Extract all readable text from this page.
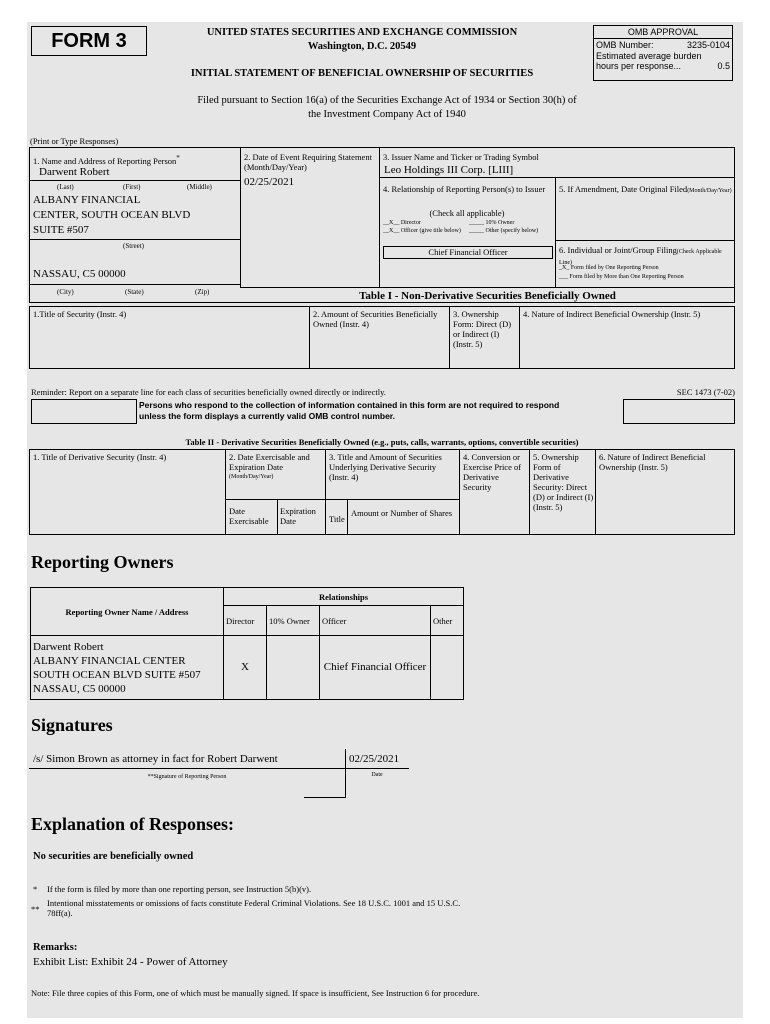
FORM 3	UNITED STATES SECURITIES AND EXCHANGE COMMISSION
Washington, D.C. 20549
INITIAL STATEMENT OF BENEFICIAL OWNERSHIP OF SECURITIES
OMB APPROVAL
OMB Number:	3235-0104
Estimated average burden
hours per response...	0.5
Filed pursuant to Section 16(a) of the Securities Exchange Act of 1934 or Section 30(h) of
the Investment Company Act of 1940
(Print or Type Responses)
1. Name and Address of Reporting Person*
Darwent Robert
(Last)	(First)	(Middle)
ALBANY FINANCIAL
CENTER, SOUTH OCEAN BLVD
SUITE #507
(Street)
NASSAU, C5 00000
(City)	(State)	(Zip)
2. Date of Event Requiring Statement (Month/Day/Year)
02/25/2021
3. Issuer Name and Ticker or Trading Symbol
Leo Holdings III Corp. [LIII]
4. Relationship of Reporting Person(s) to Issuer
(Check all applicable)
__X__ Director	_____ 10% Owner
__X__ Officer (give title below)	_____ Other (specify below)
Chief Financial Officer
5. If Amendment, Date Original Filed(Month/Day/Year)
6. Individual or Joint/Group Filing(Check Applicable Line)
_X_ Form filed by One Reporting Person
___ Form filed by More than One Reporting Person
Table I - Non-Derivative Securities Beneficially Owned
1.Title of Security (Instr. 4)	2. Amount of Securities Beneficially Owned (Instr. 4)
3. Ownership Form: Direct (D) or Indirect (I) (Instr. 5)
4. Nature of Indirect Beneficial Ownership (Instr. 5)
Reminder: Report on a separate line for each class of securities beneficially owned directly or indirectly.	SEC 1473 (7-02)
Persons who respond to the collection of information contained in this form are not required to respond
unless the form displays a currently valid OMB control number.
Table II - Derivative Securities Beneficially Owned (e.g., puts, calls, warrants, options, convertible securities)
1. Title of Derivative Security (Instr. 4)	2. Date Exercisable and Expiration Date
(Month/Day/Year)
Date Exercisable
Expiration Date
3. Title and Amount of Securities Underlying Derivative Security (Instr. 4)
Title
Amount or Number of Shares
4. Conversion or Exercise Price of Derivative Security
5. Ownership Form of Derivative Security: Direct (D) or Indirect (I) (Instr. 5)
6. Nature of Indirect Beneficial Ownership (Instr. 5)
Reporting Owners
Reporting Owner Name / Address	Relationships			
	Director	10% Owner	Officer	Other

Darwent Robert
ALBANY FINANCIAL CENTER
SOUTH OCEAN BLVD SUITE #507
NASSAU, C5 00000	X		Chief Financial Officer	
Signatures
/s/ Simon Brown as attorney in fact for Robert Darwent
**Signature of Reporting Person
02/25/2021
Date
Explanation of Responses:
No securities are beneficially owned
* If the form is filed by more than one reporting person, see Instruction 5(b)(v).
**
Intentional misstatements or omissions of facts constitute Federal Criminal Violations. See 18 U.S.C. 1001 and 15 U.S.C.
78ff(a).
Remarks:
Exhibit List: Exhibit 24 - Power of Attorney
Note: File three copies of this Form, one of which must be manually signed. If space is insufficient, See Instruction 6 for procedure.
